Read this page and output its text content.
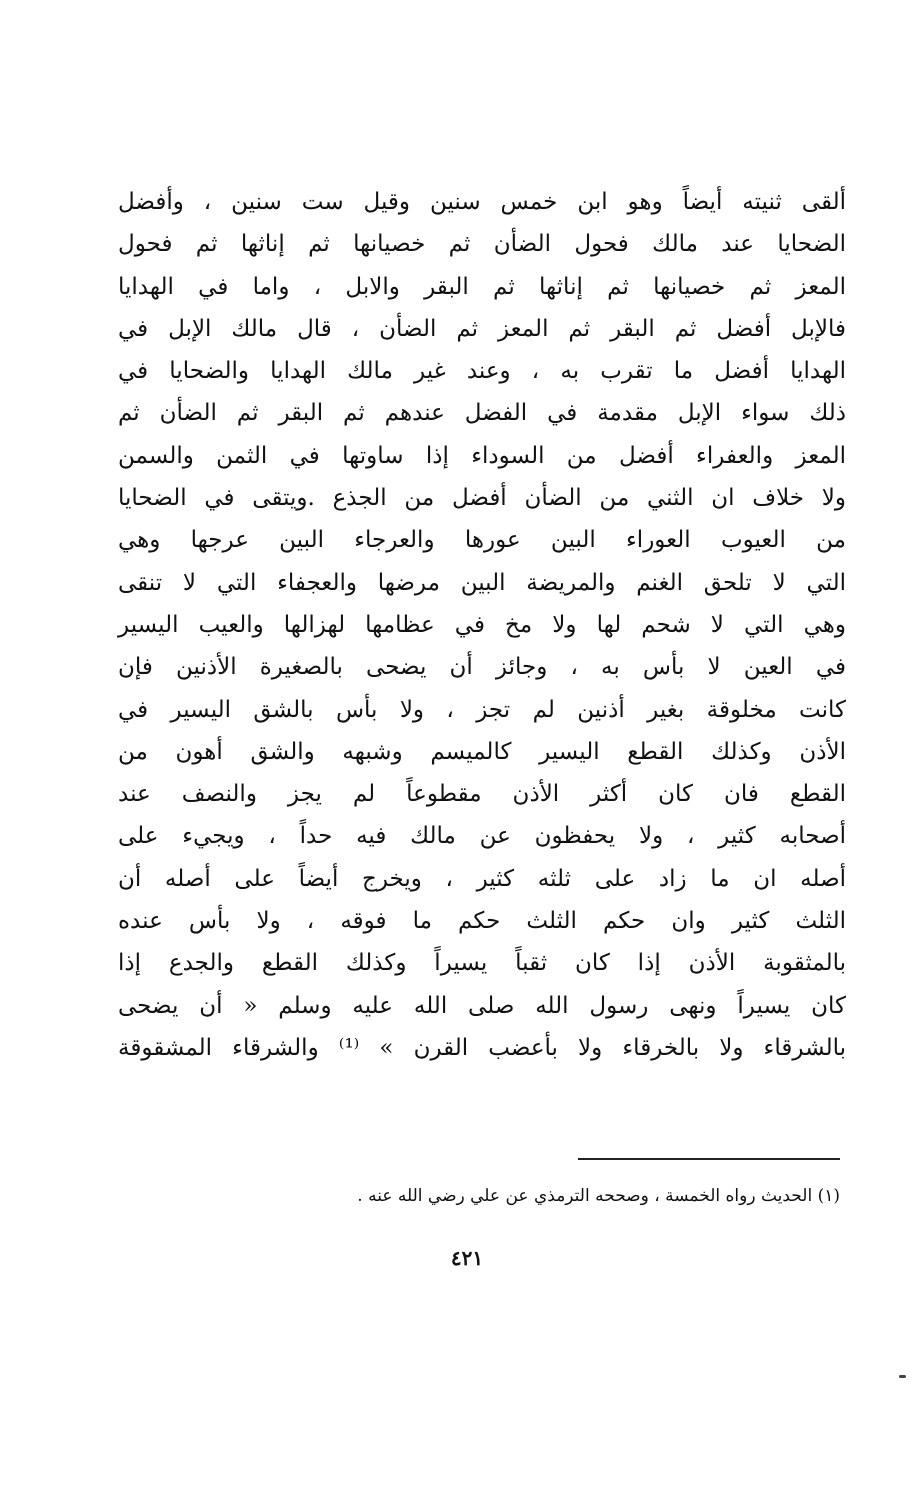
ألقى ثنيته أيضاً وهو ابن خمس سنين وقيل ست سنين ، وأفضل
الضحايا عند مالك فحول الضأن ثم خصيانها ثم إناثها ثم فحول
المعز ثم خصيانها ثم إناثها ثم البقر والابل ، واما في الهدايا
فالإبل أفضل ثم البقر ثم المعز ثم الضأن ، قال مالك الإبل في
الهدايا أفضل ما تقرب به ، وعند غير مالك الهدايا والضحايا في
ذلك سواء الإبل مقدمة في الفضل عندهم ثم البقر ثم الضأن ثم
المعز والعفراء أفضل من السوداء إذا ساوتها في الثمن والسمن
ولا خلاف ان الثني من الضأن أفضل من الجذع .ويتقى في الضحايا
من العيوب العوراء البين عورها والعرجاء البين عرجها وهي
التي لا تلحق الغنم والمريضة البين مرضها والعجفاء التي لا تنقى
وهي التي لا شحم لها ولا مخ في عظامها لهزالها والعيب اليسير
في العين لا بأس به ، وجائز أن يضحى بالصغيرة الأذنين فإن
كانت مخلوقة بغير أذنين لم تجز ، ولا بأس بالشق اليسير في
الأذن وكذلك القطع اليسير كالميسم وشبهه والشق أهون من
القطع فان كان أكثر الأذن مقطوعاً لم يجز والنصف عند
أصحابه كثير ، ولا يحفظون عن مالك فيه حداً ، ويجيء على
أصله ان ما زاد على ثلثه كثير ، ويخرج أيضاً على أصله أن
الثلث كثير وان حكم الثلث حكم ما فوقه ، ولا بأس عنده
بالمثقوبة الأذن إذا كان ثقباً يسيراً وكذلك القطع والجدع إذا
كان يسيراً ونهى رسول الله صلى الله عليه وسلم « أن يضحى
بالشرقاء ولا بالخرقاء ولا بأعضب القرن » ⁽¹⁾ والشرقاء المشقوقة
(١) الحديث رواه الخمسة ، وصححه الترمذي عن علي رضي الله عنه .
٤٢١
